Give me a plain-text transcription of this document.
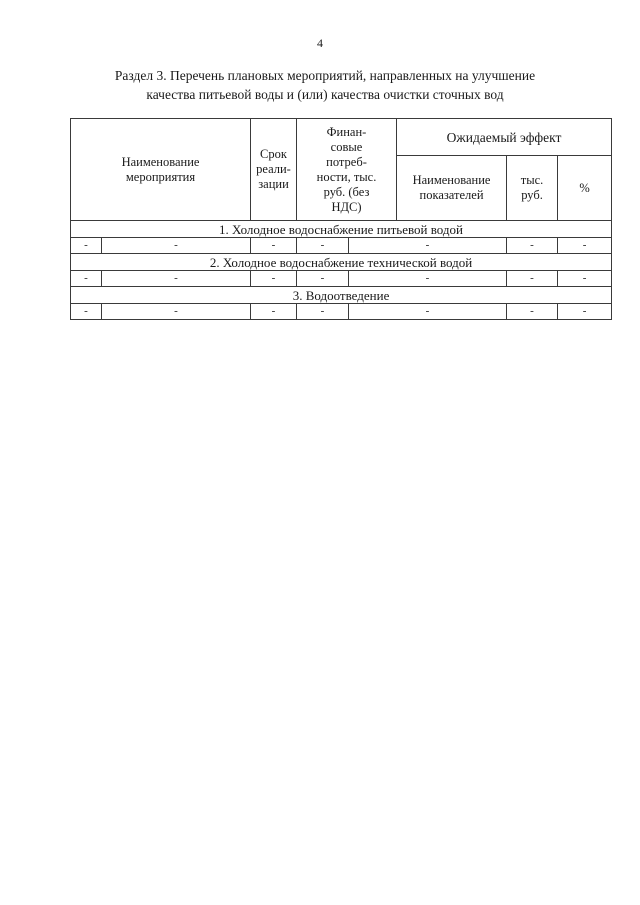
4
Раздел 3. Перечень плановых мероприятий, направленных на улучшение
качества питьевой воды и (или) качества очистки сточных вод
Наименование мероприятия		Срок реали-зации	Финан-совые потреб-ности, тыс. руб. (без НДС)		Ожидаемый эффект		
					Наименование показателей	тыс. руб.	%
1. Холодное водоснабжение питьевой водой							
-	-	-	-	-		-	-
2. Холодное водоснабжение технической водой							
-	-	-	-	-		-	-
3. Водоотведение							
-	-	-	-	-		-	-
